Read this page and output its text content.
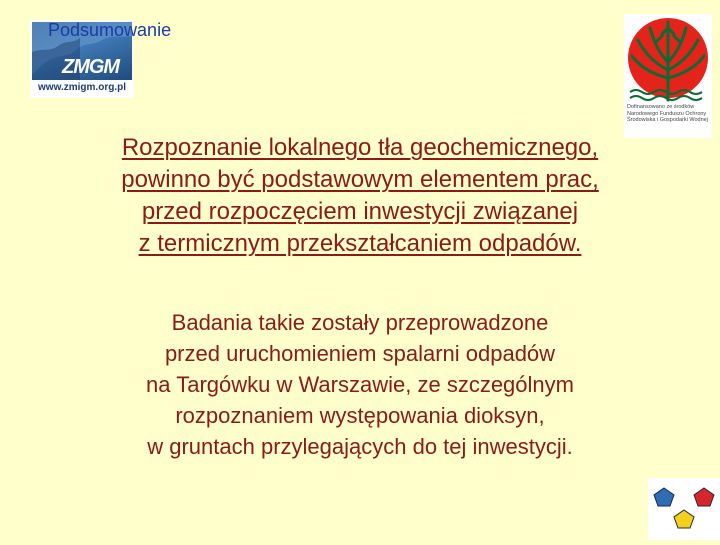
ZMGM
www.zmigm.org.pl
Podsumowanie
Dofinansowano ze środków Narodowego Funduszu Ochrony Środowiska i Gospodarki Wodnej
Rozpoznanie lokalnego tła geochemicznego,
powinno być podstawowym elementem prac,
przed rozpoczęciem inwestycji związanej
z termicznym przekształcaniem odpadów.

Badania takie zostały przeprowadzone
przed uruchomieniem spalarni odpadów
na Targówku w Warszawie, ze szczególnym
rozpoznaniem występowania dioksyn,
w gruntach przylegających do tej inwestycji.
